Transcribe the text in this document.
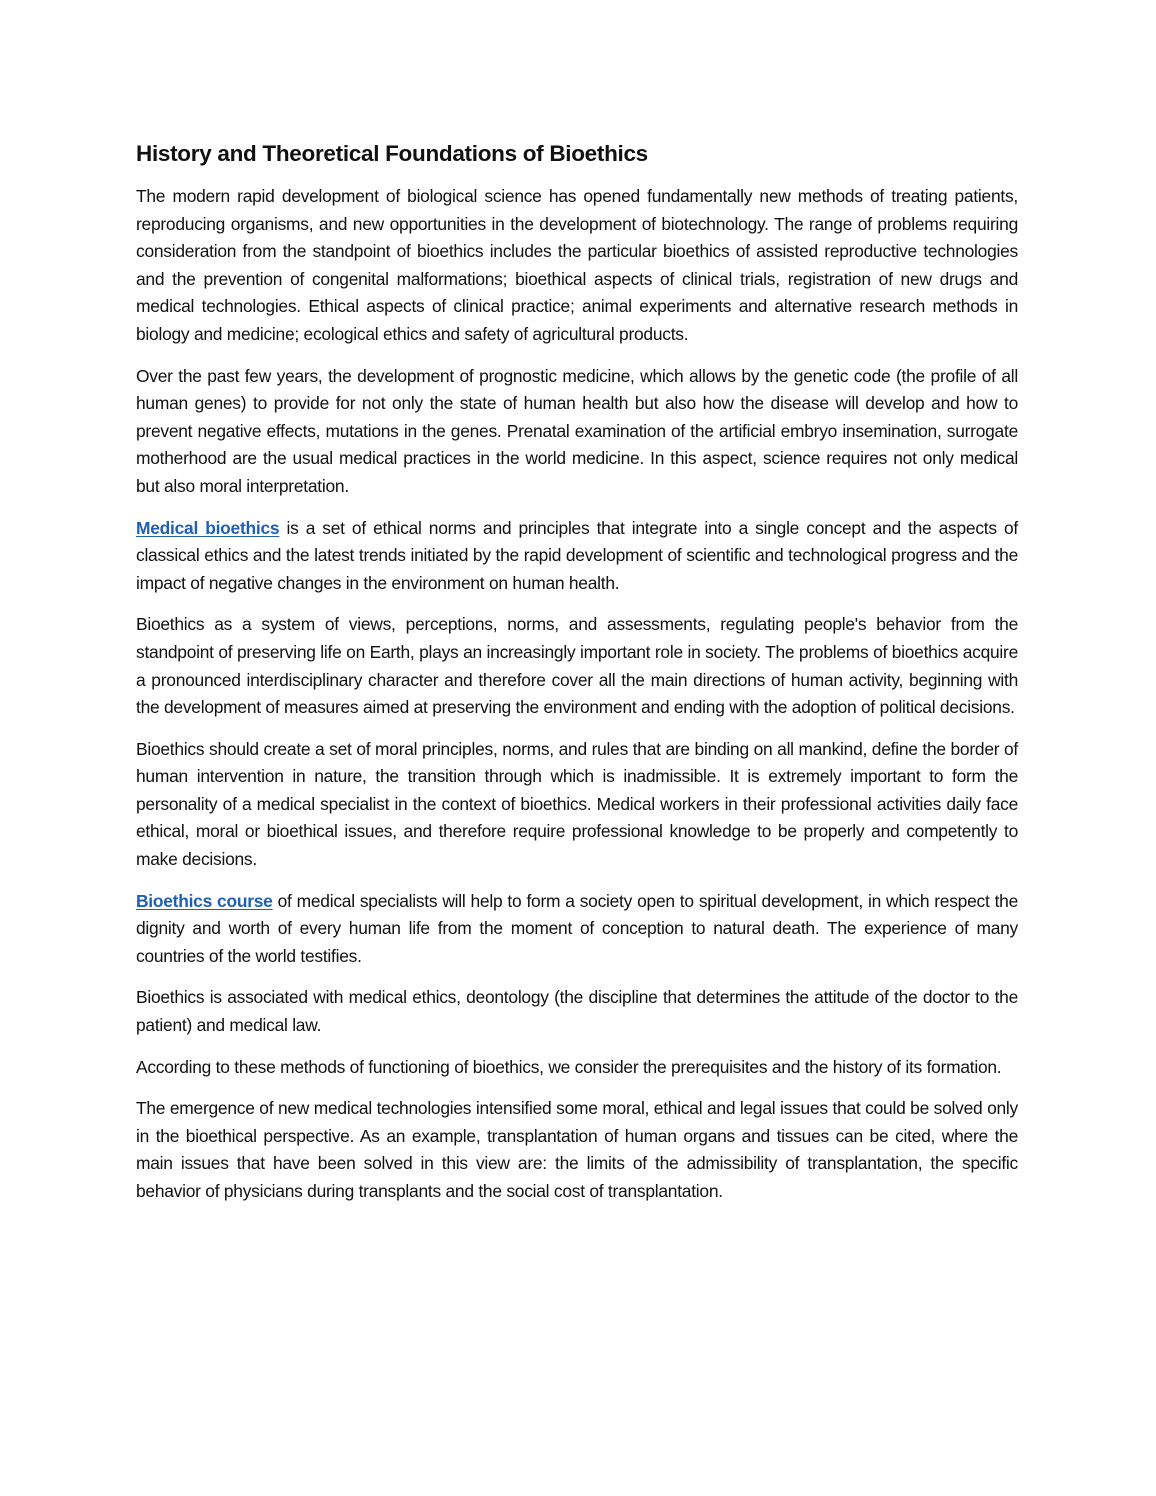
History and Theoretical Foundations of Bioethics

The modern rapid development of biological science has opened fundamentally new methods of treating patients, reproducing organisms, and new opportunities in the development of biotechnology. The range of problems requiring consideration from the standpoint of bioethics includes the particular bioethics of assisted reproductive technologies and the prevention of congenital malformations; bioethical aspects of clinical trials, registration of new drugs and medical technologies. Ethical aspects of clinical practice; animal experiments and alternative research methods in biology and medicine; ecological ethics and safety of agricultural products.

Over the past few years, the development of prognostic medicine, which allows by the genetic code (the profile of all human genes) to provide for not only the state of human health but also how the disease will develop and how to prevent negative effects, mutations in the genes. Prenatal examination of the artificial embryo insemination, surrogate motherhood are the usual medical practices in the world medicine. In this aspect, science requires not only medical but also moral interpretation.

Medical bioethics is a set of ethical norms and principles that integrate into a single concept and the aspects of classical ethics and the latest trends initiated by the rapid development of scientific and technological progress and the impact of negative changes in the environment on human health.

Bioethics as a system of views, perceptions, norms, and assessments, regulating people's behavior from the standpoint of preserving life on Earth, plays an increasingly important role in society. The problems of bioethics acquire a pronounced interdisciplinary character and therefore cover all the main directions of human activity, beginning with the development of measures aimed at preserving the environment and ending with the adoption of political decisions.

Bioethics should create a set of moral principles, norms, and rules that are binding on all mankind, define the border of human intervention in nature, the transition through which is inadmissible. It is extremely important to form the personality of a medical specialist in the context of bioethics. Medical workers in their professional activities daily face ethical, moral or bioethical issues, and therefore require professional knowledge to be properly and competently to make decisions.

Bioethics course of medical specialists will help to form a society open to spiritual development, in which respect the dignity and worth of every human life from the moment of conception to natural death. The experience of many countries of the world testifies.

Bioethics is associated with medical ethics, deontology (the discipline that determines the attitude of the doctor to the patient) and medical law.

According to these methods of functioning of bioethics, we consider the prerequisites and the history of its formation.

The emergence of new medical technologies intensified some moral, ethical and legal issues that could be solved only in the bioethical perspective. As an example, transplantation of human organs and tissues can be cited, where the main issues that have been solved in this view are: the limits of the admissibility of transplantation, the specific behavior of physicians during transplants and the social cost of transplantation.
